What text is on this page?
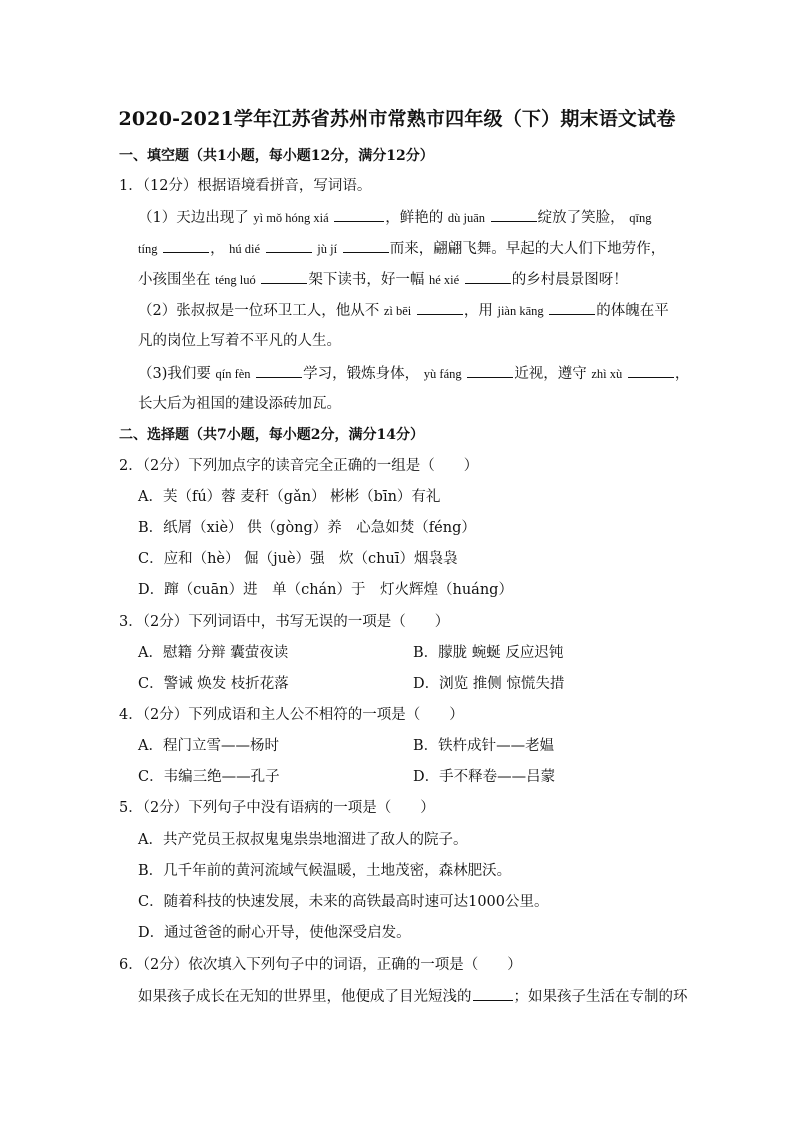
2020-2021学年江苏省苏州市常熟市四年级（下）期末语文试卷
一、填空题（共1小题，每小题12分，满分12分）
1．（12分）根据语境看拼音，写词语。
（1）天边出现了 yì mǒ hóng xiá	，鲜艳的 dù juān	绽放了笑脸， qīng
tíng	， hú dié	jù jí	而来，翩翩飞舞。早起的大人们下地劳作，
小孩围坐在 téng luó	架下读书，好一幅 hé xié	的乡村晨景图呀！
（2）张叔叔是一位环卫工人，他从不 zì bēi	，用 jiàn kāng	的体魄在平
凡的岗位上写着不平凡的人生。
（3)我们要 qín fèn	学习，锻炼身体， yù fáng	近视，遵守 zhì xù	，
长大后为祖国的建设添砖加瓦。
二、选择题（共7小题，每小题2分，满分14分）
2．（2分）下列加点字的读音完全正确的一组是（　　）
A．芙（fú）蓉 麦秆（gǎn） 彬彬（bīn）有礼
B．纸屑（xiè） 供（gòng）养　心急如焚（féng）
C．应和（hè） 倔（juè）强　炊（chuī）烟袅袅
D．蹿（cuān）进　单（chán）于　灯火辉煌（huáng）
3．（2分）下列词语中，书写无误的一项是（　　）
A．慰籍 分辩 囊萤夜读	B．朦胧 蜿蜒 反应迟钝
C．警诫 焕发 枝折花落	D．浏览 推侧 惊慌失措
4．（2分）下列成语和主人公不相符的一项是（　　）
A．程门立雪——杨时	B．铁杵成针——老媪
C．韦编三绝——孔子	D．手不释卷——吕蒙
5．（2分）下列句子中没有语病的一项是（　　）
A．共产党员王叔叔鬼鬼祟祟地溜进了敌人的院子。
B．几千年前的黄河流域气候温暖，土地茂密，森林肥沃。
C．随着科技的快速发展，未来的高铁最高时速可达1000公里。
D．通过爸爸的耐心开导，使他深受启发。
6．（2分）依次填入下列句子中的词语，正确的一项是（　　）
如果孩子成长在无知的世界里，他便成了目光短浅的	；如果孩子生活在专制的环
